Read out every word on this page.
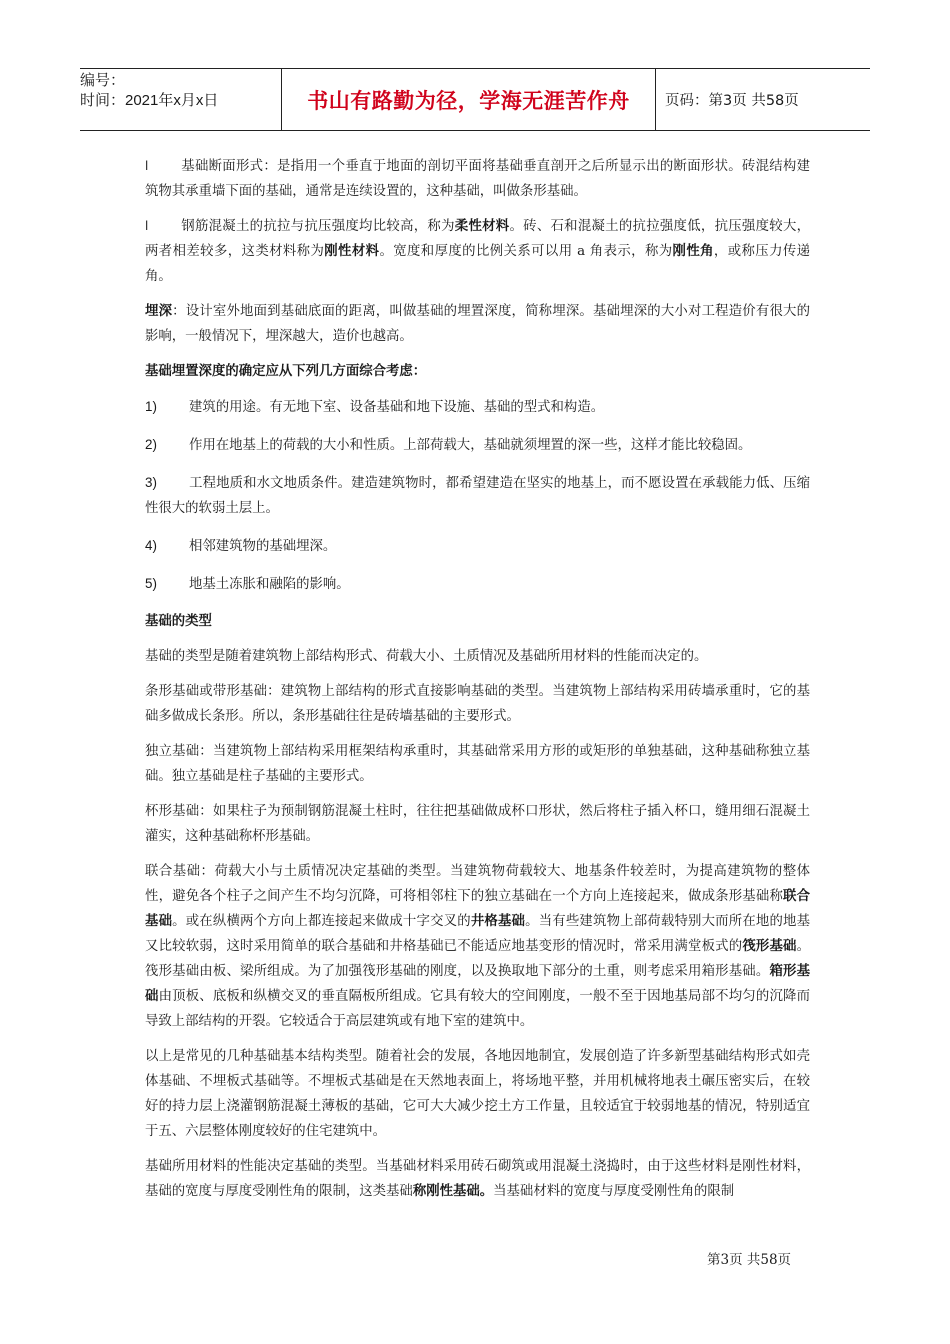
编号：
时间：2021年x月x日	书山有路勤为径，学海无涯苦作舟	页码：第3页 共58页

l 基础断面形式：是指用一个垂直于地面的剖切平面将基础垂直剖开之后所显示出的断面形状。砖混结构建筑物其承重墙下面的基础，通常是连续设置的，这种基础，叫做条形基础。

l 钢筋混凝土的抗拉与抗压强度均比较高，称为柔性材料。砖、石和混凝土的抗拉强度低，抗压强度较大，两者相差较多，这类材料称为刚性材料。宽度和厚度的比例关系可以用 a 角表示，称为刚性角，或称压力传递角。

埋深：设计室外地面到基础底面的距离，叫做基础的埋置深度，简称埋深。基础埋深的大小对工程造价有很大的影响，一般情况下，埋深越大，造价也越高。

基础埋置深度的确定应从下列几方面综合考虑：

1) 建筑的用途。有无地下室、设备基础和地下设施、基础的型式和构造。

2) 作用在地基上的荷载的大小和性质。上部荷载大，基础就须埋置的深一些，这样才能比较稳固。

3) 工程地质和水文地质条件。建造建筑物时，都希望建造在坚实的地基上，而不愿设置在承载能力低、压缩性很大的软弱土层上。

4) 相邻建筑物的基础埋深。

5) 地基土冻胀和融陷的影响。

基础的类型

基础的类型是随着建筑物上部结构形式、荷载大小、土质情况及基础所用材料的性能而决定的。

条形基础或带形基础：建筑物上部结构的形式直接影响基础的类型。当建筑物上部结构采用砖墙承重时，它的基础多做成长条形。所以，条形基础往往是砖墙基础的主要形式。

独立基础：当建筑物上部结构采用框架结构承重时，其基础常采用方形的或矩形的单独基础，这种基础称独立基础。独立基础是柱子基础的主要形式。

杯形基础：如果柱子为预制钢筋混凝土柱时，往往把基础做成杯口形状，然后将柱子插入杯口，缝用细石混凝土灌实，这种基础称杯形基础。

联合基础：荷载大小与土质情况决定基础的类型。当建筑物荷载较大、地基条件较差时，为提高建筑物的整体性，避免各个柱子之间产生不均匀沉降，可将相邻柱下的独立基础在一个方向上连接起来，做成条形基础称联合基础。或在纵横两个方向上都连接起来做成十字交叉的井格基础。当有些建筑物上部荷载特别大而所在地的地基又比较软弱，这时采用简单的联合基础和井格基础已不能适应地基变形的情况时，常采用满堂板式的筏形基础。筏形基础由板、梁所组成。为了加强筏形基础的刚度，以及换取地下部分的土重，则考虑采用箱形基础。箱形基础由顶板、底板和纵横交叉的垂直隔板所组成。它具有较大的空间刚度，一般不至于因地基局部不均匀的沉降而导致上部结构的开裂。它较适合于高层建筑或有地下室的建筑中。

以上是常见的几种基础基本结构类型。随着社会的发展，各地因地制宜，发展创造了许多新型基础结构形式如壳体基础、不埋板式基础等。不埋板式基础是在天然地表面上，将场地平整，并用机械将地表土碾压密实后，在较好的持力层上浇灌钢筋混凝土薄板的基础，它可大大减少挖土方工作量，且较适宜于较弱地基的情况，特别适宜于五、六层整体刚度较好的住宅建筑中。

基础所用材料的性能决定基础的类型。当基础材料采用砖石砌筑或用混凝土浇捣时，由于这些材料是刚性材料，基础的宽度与厚度受刚性角的限制，这类基础称刚性基础。当基础材料的宽度与厚度受刚性角的限制

第3页 共58页
